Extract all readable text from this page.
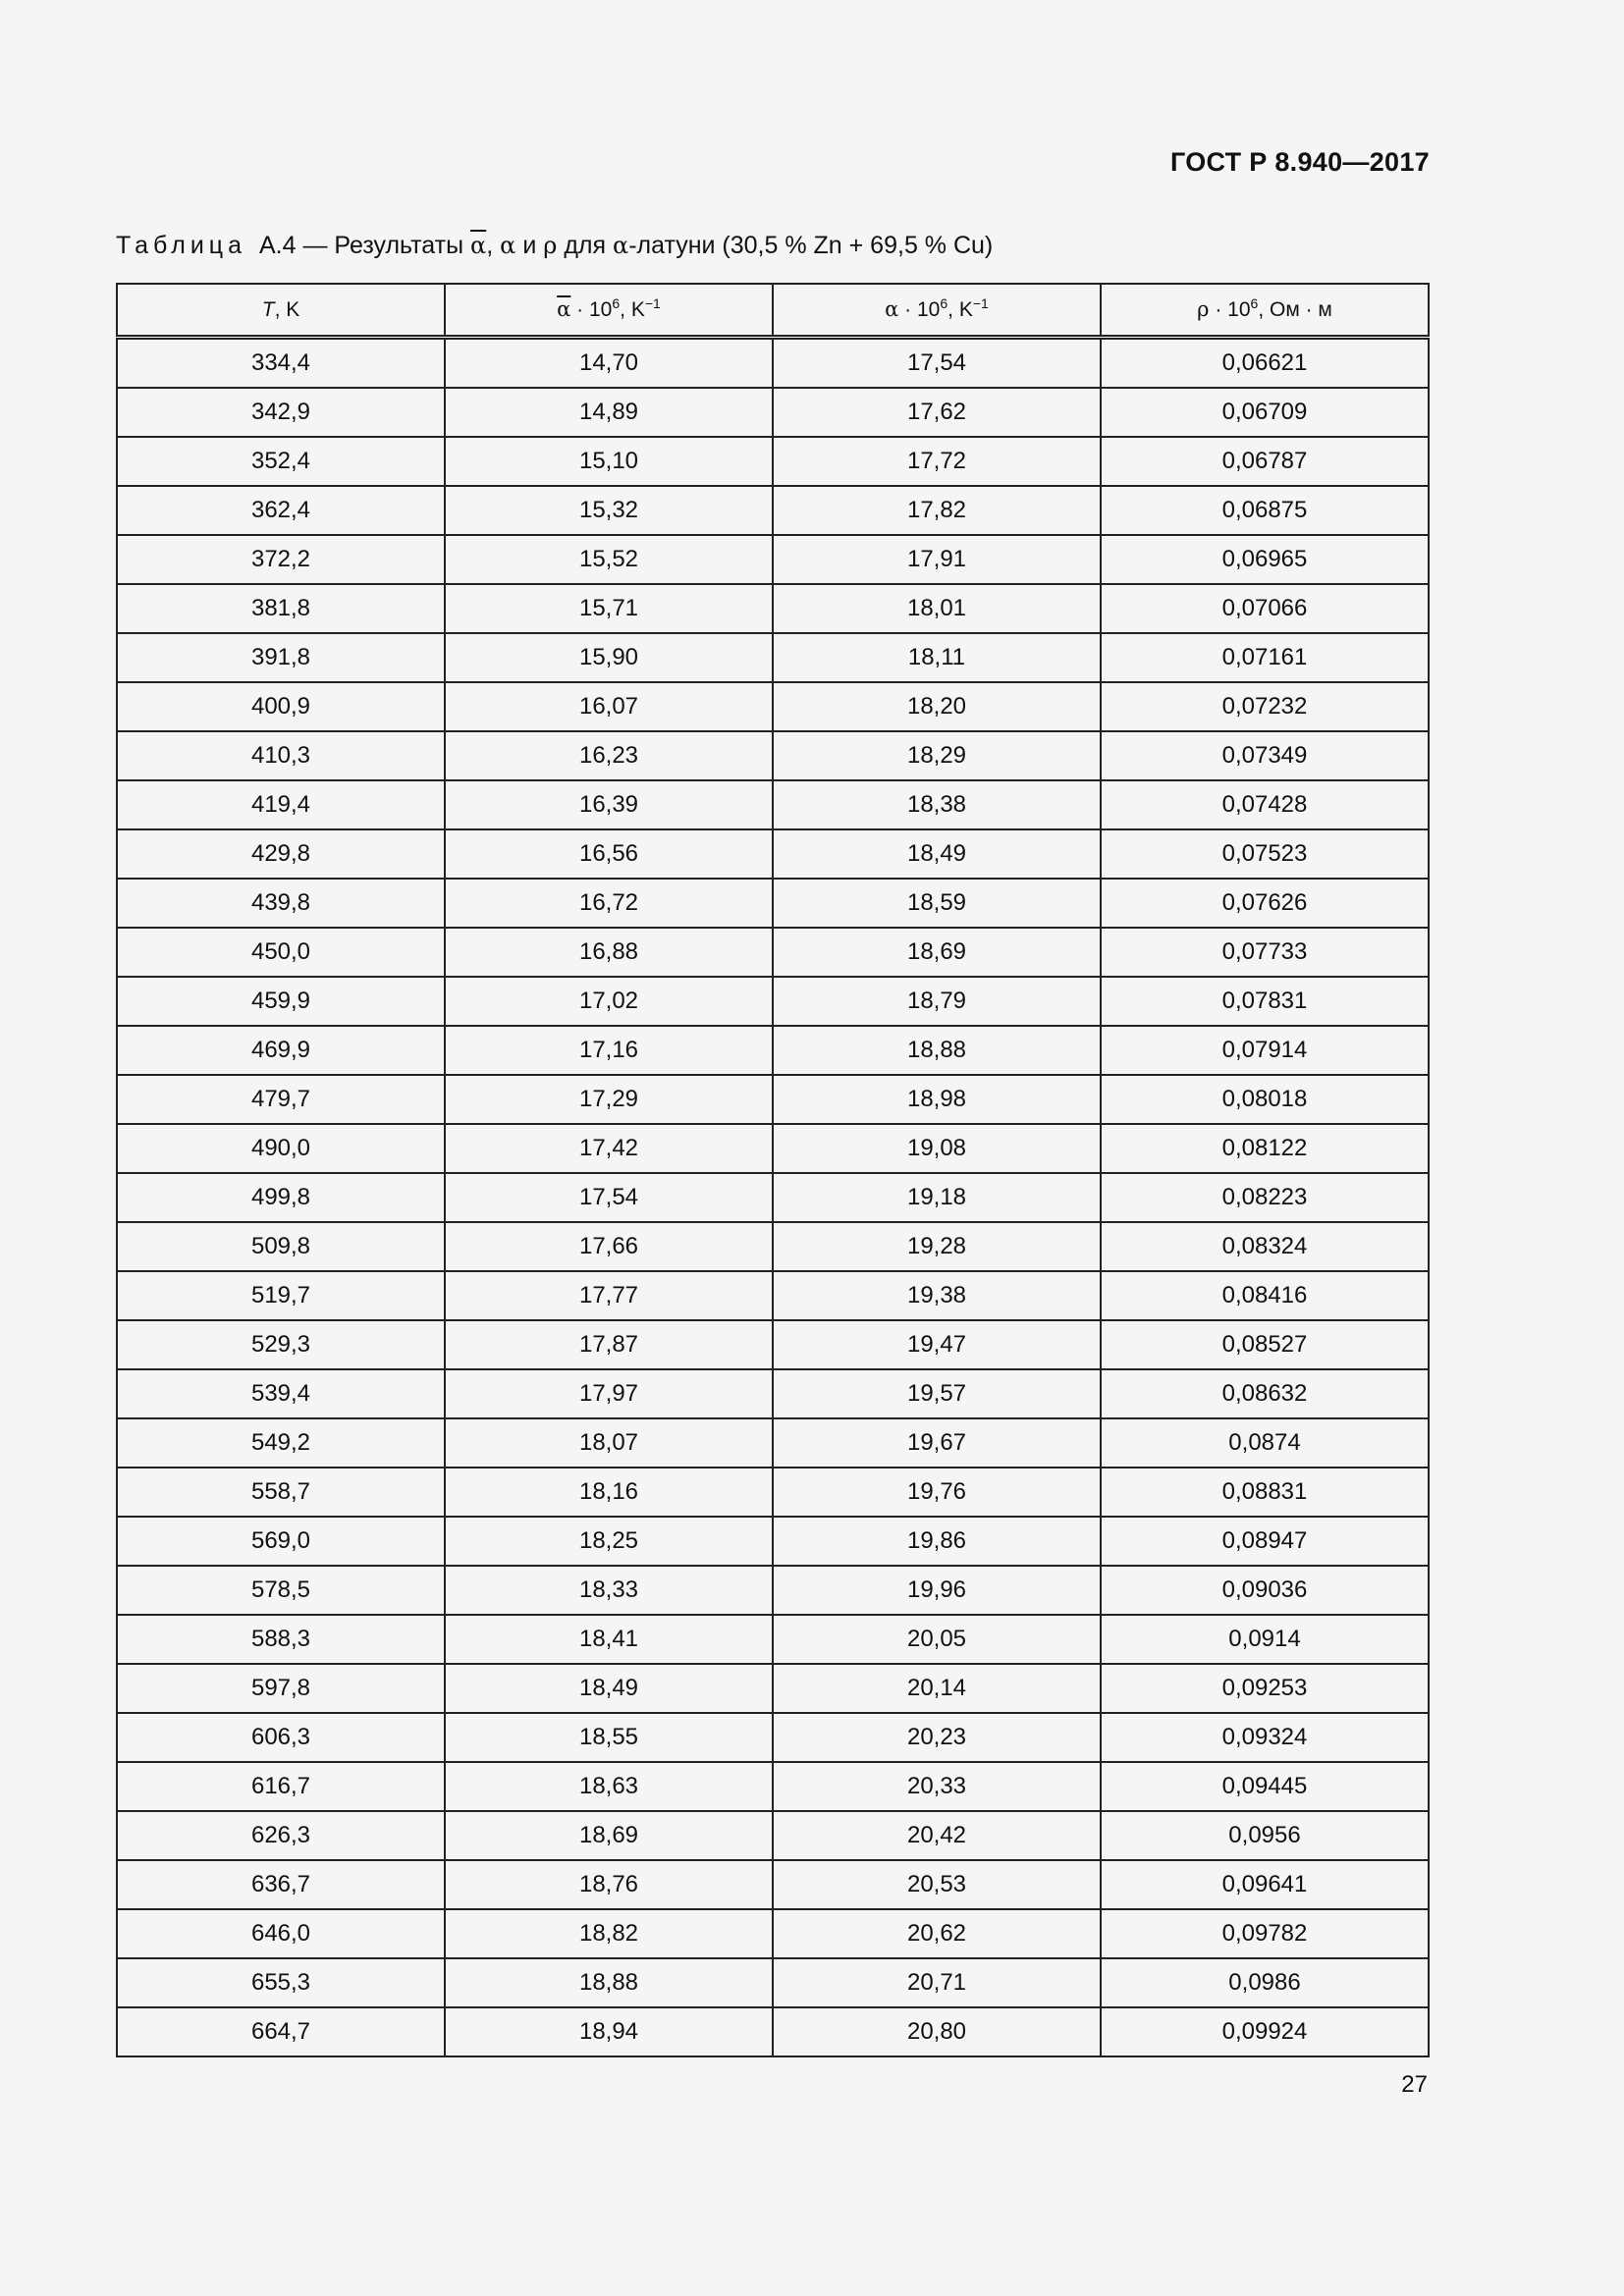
ГОСТ Р 8.940—2017
Таблица А.4 — Результаты $\overline{\alpha}$, α и ρ для α-латуни (30,5 % Zn + 69,5 % Cu)
T, K	$\overline{\alpha} \cdot 10^6$, $K^{-1}$	$\alpha \cdot 10^6$, $K^{-1}$	$\rho \cdot 10^6$, Ом · м
334,4	14,70	17,54	0,06621
342,9	14,89	17,62	0,06709
352,4	15,10	17,72	0,06787
362,4	15,32	17,82	0,06875
372,2	15,52	17,91	0,06965
381,8	15,71	18,01	0,07066
391,8	15,90	18,11	0,07161
400,9	16,07	18,20	0,07232
410,3	16,23	18,29	0,07349
419,4	16,39	18,38	0,07428
429,8	16,56	18,49	0,07523
439,8	16,72	18,59	0,07626
450,0	16,88	18,69	0,07733
459,9	17,02	18,79	0,07831
469,9	17,16	18,88	0,07914
479,7	17,29	18,98	0,08018
490,0	17,42	19,08	0,08122
499,8	17,54	19,18	0,08223
509,8	17,66	19,28	0,08324
519,7	17,77	19,38	0,08416
529,3	17,87	19,47	0,08527
539,4	17,97	19,57	0,08632
549,2	18,07	19,67	0,0874
558,7	18,16	19,76	0,08831
569,0	18,25	19,86	0,08947
578,5	18,33	19,96	0,09036
588,3	18,41	20,05	0,0914
597,8	18,49	20,14	0,09253
606,3	18,55	20,23	0,09324
616,7	18,63	20,33	0,09445
626,3	18,69	20,42	0,0956
636,7	18,76	20,53	0,09641
646,0	18,82	20,62	0,09782
655,3	18,88	20,71	0,0986
664,7	18,94	20,80	0,09924
27
